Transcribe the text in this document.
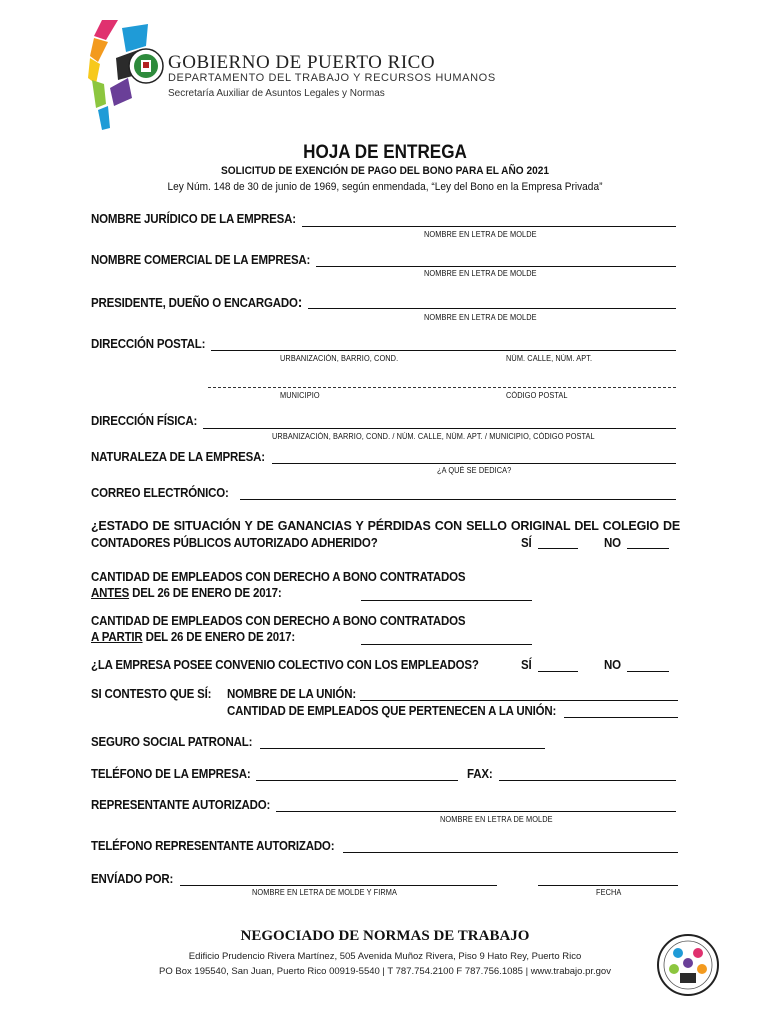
GOBIERNO DE PUERTO RICO
DEPARTAMENTO DEL TRABAJO Y RECURSOS HUMANOS
Secretaría Auxiliar de Asuntos Legales y Normas
HOJA DE ENTREGA
SOLICITUD DE EXENCIÓN DE PAGO DEL BONO PARA EL AÑO 2021
Ley Núm. 148 de 30 de junio de 1969, según enmendada, “Ley del Bono en la Empresa Privada”
NOMBRE JURÍDICO DE LA EMPRESA:
NOMBRE EN LETRA DE MOLDE
NOMBRE COMERCIAL DE LA EMPRESA:
NOMBRE EN LETRA DE MOLDE
PRESIDENTE, DUEÑO O ENCARGADO:
NOMBRE EN LETRA DE MOLDE
DIRECCIÓN POSTAL:
URBANIZACIÓN, BARRIO, COND.	NÚM. CALLE, NÚM. APT.
MUNICIPIO	CÓDIGO POSTAL
DIRECCIÓN FÍSICA:
URBANIZACIÓN, BARRIO, COND. / NÚM. CALLE, NÚM. APT. / MUNICIPIO, CÓDIGO POSTAL
NATURALEZA DE LA EMPRESA:
¿A QUÉ SE DEDICA?
CORREO ELECTRÓNICO:
¿ESTADO DE SITUACIÓN Y DE GANANCIAS Y PÉRDIDAS CON SELLO ORIGINAL DEL COLEGIO DE
CONTADORES PÚBLICOS AUTORIZADO ADHERIDO?	SÍ	NO
CANTIDAD DE EMPLEADOS CON DERECHO A BONO CONTRATADOS
ANTES DEL 26 DE ENERO DE 2017:
CANTIDAD DE EMPLEADOS CON DERECHO A BONO CONTRATADOS
A PARTIR DEL 26 DE ENERO DE 2017:
¿LA EMPRESA POSEE CONVENIO COLECTIVO CON LOS EMPLEADOS?	SÍ	NO
SI CONTESTO QUE SÍ: NOMBRE DE LA UNIÓN:
CANTIDAD DE EMPLEADOS QUE PERTENECEN A LA UNIÓN:
SEGURO SOCIAL PATRONAL:
TELÉFONO DE LA EMPRESA:	FAX:
REPRESENTANTE AUTORIZADO:
NOMBRE EN LETRA DE MOLDE
TELÉFONO REPRESENTANTE AUTORIZADO:
ENVÍADO POR:
NOMBRE EN LETRA DE MOLDE Y FIRMA	FECHA
NEGOCIADO DE NORMAS DE TRABAJO
Edificio Prudencio Rivera Martínez, 505 Avenida Muñoz Rivera, Piso 9 Hato Rey, Puerto Rico
PO Box 195540, San Juan, Puerto Rico 00919-5540 | T 787.754.2100 F 787.756.1085 | www.trabajo.pr.gov
